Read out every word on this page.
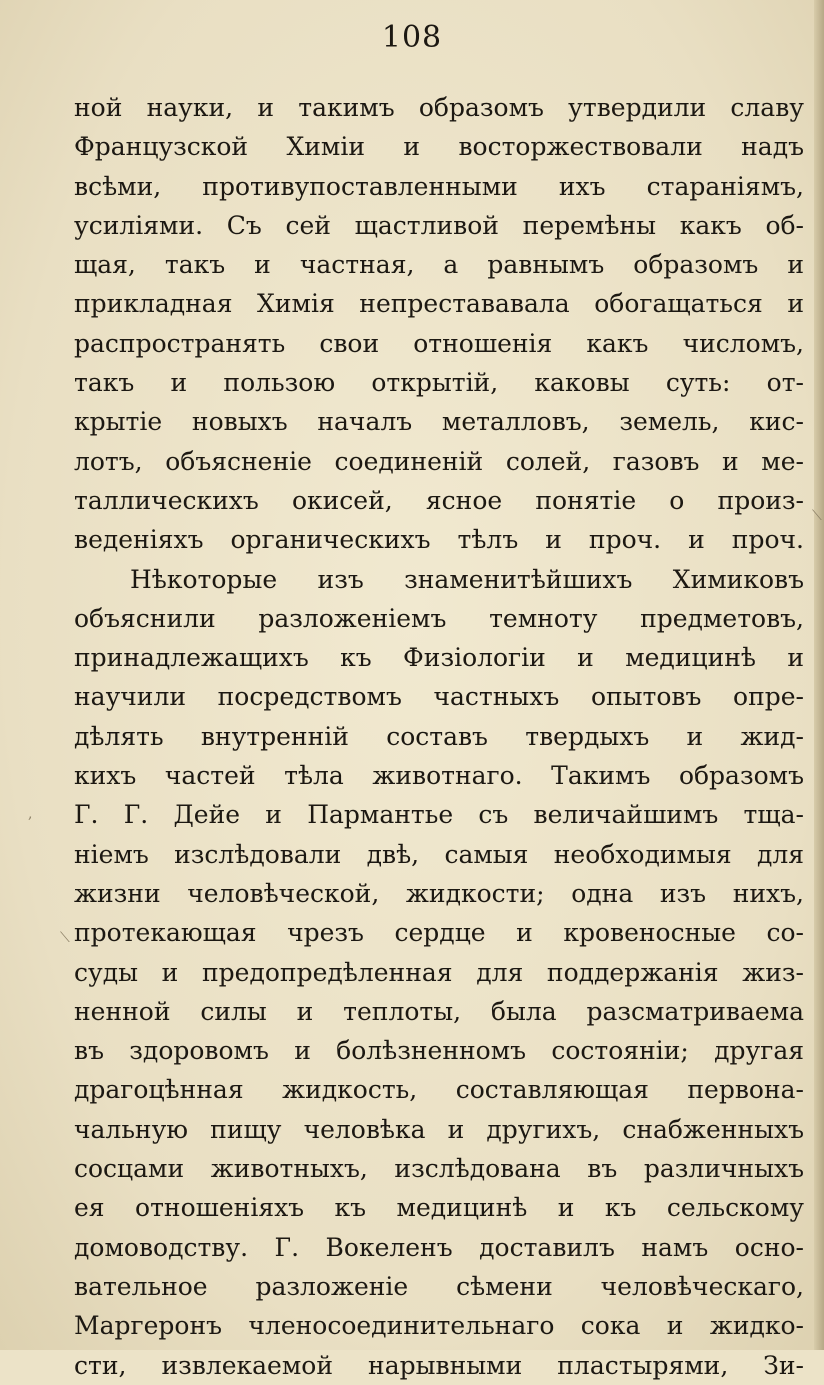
108
ной науки, и такимъ образомъ утвердили славу
Французской Химіи и восторжествовали надъ
всѣми, противупоставленными ихъ стараніямъ,
усиліями. Съ сей щастливой перемѣны какъ об-
щая, такъ и частная, а равнымъ образомъ и
прикладная Химія непрестававала обогащаться и
распространять свои отношенія какъ числомъ,
такъ и пользою открытій, каковы суть: от-
крытіе новыхъ началъ металловъ, земель, кис-
лотъ, объясненіе соединеній солей, газовъ и ме-
таллическихъ окисей, ясное понятіе о произ-
веденіяхъ органическихъ тѣлъ и проч. и проч.
Нѣкоторые изъ знаменитѣйшихъ Химиковъ
объяснили разложеніемъ темноту предметовъ,
принадлежащихъ къ Физіологіи и медицинѣ и
научили посредствомъ частныхъ опытовъ опре-
дѣлять внутренній составъ твердыхъ и жид-
кихъ частей тѣла животнаго. Такимъ образомъ
Г. Г. Дейе и Пармантье съ величайшимъ тща-
ніемъ изслѣдовали двѣ, самыя необходимыя для
жизни человѣческой, жидкости; одна изъ нихъ,
протекающая чрезъ сердце и кровеносные со-
суды и предопредѣленная для поддержанія жиз-
ненной силы и теплоты, была разсматриваема
въ здоровомъ и болѣзненномъ состояніи; другая
драгоцѣнная жидкость, составляющая первона-
чальную пищу человѣка и другихъ, снабженныхъ
сосцами животныхъ, изслѣдована въ различныхъ
ея отношеніяхъ къ медицинѣ и къ сельскому
домоводству. Г. Вокеленъ доставилъ намъ осно-
вательное разложеніе сѣмени человѣческаго,
Маргеронъ членосоединительнаго сока и жидко-
сти, извлекаемой нарывными пластырями, Зи-
,
⟍
⟍
